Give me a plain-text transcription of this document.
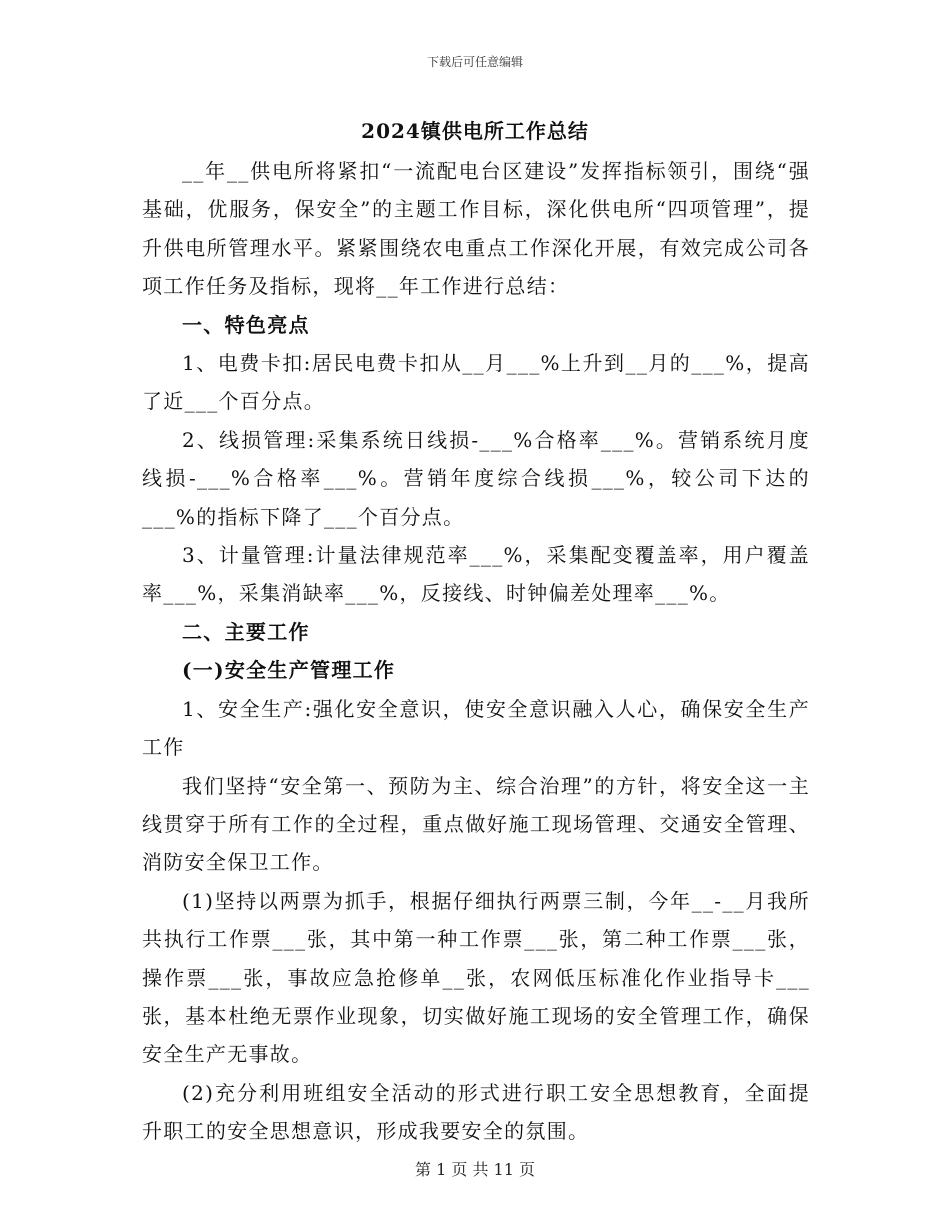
下载后可任意编辑
2024镇供电所工作总结

__年__供电所将紧扣“一流配电台区建设”发挥指标领引，围绕“强基础，优服务，保安全”的主题工作目标，深化供电所“四项管理”，提升供电所管理水平。紧紧围绕农电重点工作深化开展，有效完成公司各项工作任务及指标，现将__年工作进行总结：

一、特色亮点

1、电费卡扣:居民电费卡扣从__月___%上升到__月的___%，提高了近___个百分点。

2、线损管理:采集系统日线损-___%合格率___%。营销系统月度线损-___%合格率___%。营销年度综合线损___%，较公司下达的___%的指标下降了___个百分点。

3、计量管理:计量法律规范率___%，采集配变覆盖率，用户覆盖率___%，采集消缺率___%，反接线、时钟偏差处理率___%。

二、主要工作

(一)安全生产管理工作

1、安全生产:强化安全意识，使安全意识融入人心，确保安全生产工作

我们坚持“安全第一、预防为主、综合治理”的方针，将安全这一主线贯穿于所有工作的全过程，重点做好施工现场管理、交通安全管理、消防安全保卫工作。

(1)坚持以两票为抓手，根据仔细执行两票三制，今年__-__月我所共执行工作票___张，其中第一种工作票___张，第二种工作票___张，操作票___张，事故应急抢修单__张，农网低压标准化作业指导卡___张，基本杜绝无票作业现象，切实做好施工现场的安全管理工作，确保安全生产无事故。

(2)充分利用班组安全活动的形式进行职工安全思想教育，全面提升职工的安全思想意识，形成我要安全的氛围。

第 1 页 共 11 页
